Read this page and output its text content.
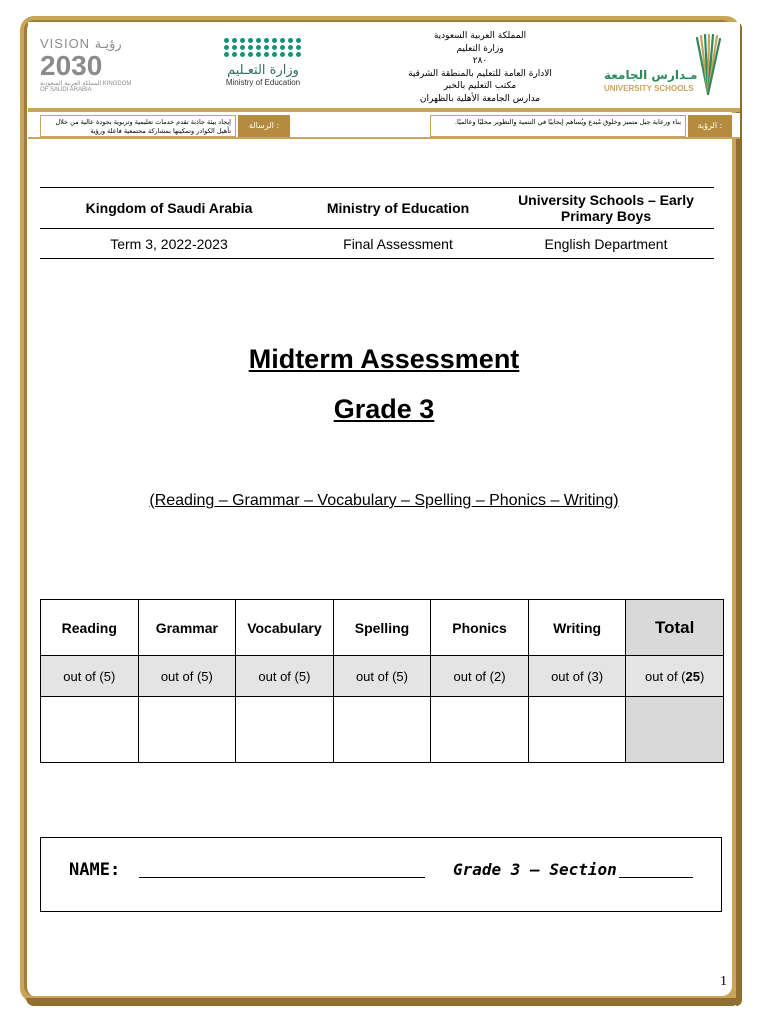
VISION رؤيـة
2030
المملكة العربية السعودية KINGDOM OF SAUDI ARABIA
وزارة التعـليم
Ministry of Education
المملكة العربية السعودية
وزارة التعليم
٢٨٠
الادارة العامة للتعليم بالمنطقة الشرقية
مكتب التعليم بالخبر
مدارس الجامعة الأهلية بالظهران
مـدارس الجامعة
UNIVERSITY SCHOOLS
إيجاد بيئة جاذبة تقدم خدمات تعليمية وتربوية بجودة عالية من خلال تأهيل الكوادر وتمكينها بمشاركة مجتمعية فاعلة ورؤية
الرسالة :	بناء ورعاية جيل متميز وخلوق مُبدع ويُساهم إيجابيًا في التنمية والتطوير محليًا وعالميًا.	الرؤية :
Kingdom of Saudi Arabia	Ministry of Education	University Schools – Early Primary Boys
Term 3, 2022-2023	Final Assessment	English Department
Midterm Assessment
Grade 3
(Reading – Grammar – Vocabulary – Spelling – Phonics – Writing)
Reading	Grammar	Vocabulary	Spelling	Phonics	Writing	Total
out of (5)	out of (5)	out of (5)	out of (5)	out of (2)	out of (3)	out of (25)

NAME:	Grade 3 – Section
1
